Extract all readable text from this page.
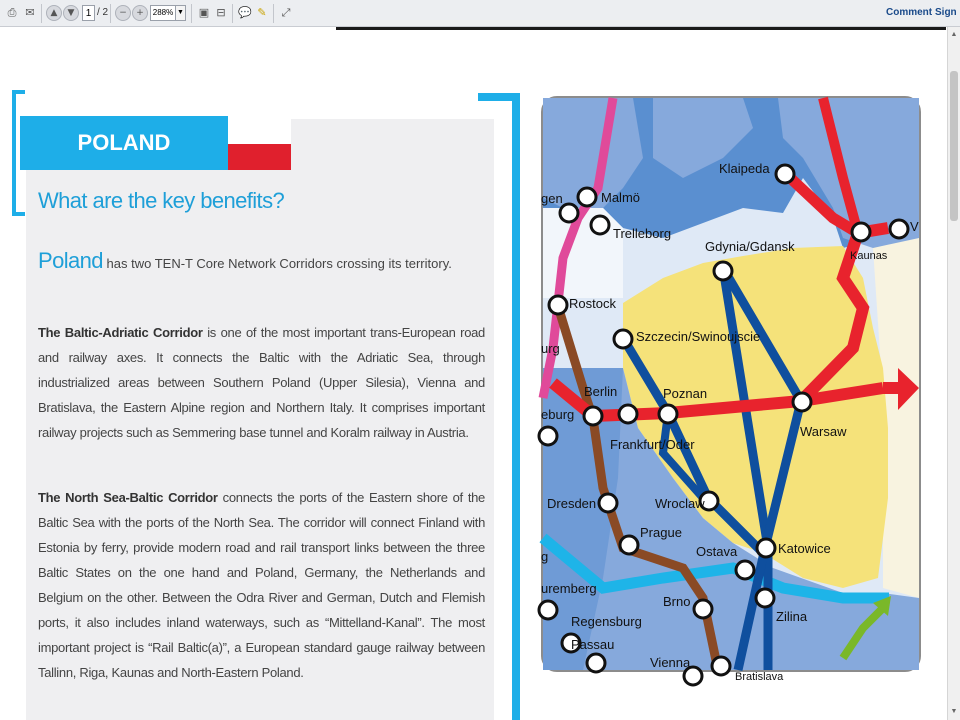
⎙ ✉	▲	▼	1 / 2	−	+	288% ▼	▣ ⊟	💬 ✎	⤢	Comment Sign
▲
▼
POLAND
What are the key benefits?
Poland has two TEN-T Core Network Corridors crossing its territory.
The Baltic-Adriatic Corridor is one of the most important trans-European road and railway axes. It connects the Baltic with the Adriatic Sea, through industrialized areas between Southern Poland (Upper Silesia), Vienna and Bratislava, the Eastern Alpine region and Northern Italy. It comprises important railway projects such as Semmering base tunnel and Koralm railway in Austria.
The North Sea-Baltic Corridor connects the ports of the Eastern shore of the Baltic Sea with the ports of the North Sea. The corridor will connect Finland with Estonia by ferry, provide modern road and rail transport links between the three Baltic States on the one hand and Poland, Germany, the Netherlands and Belgium on the other. Between the Odra River and German, Dutch and Flemish ports, it also includes inland waterways, such as “Mittelland-Kanal”. The most important project is “Rail Baltic(a)”, a European standard gauge railway between Tallinn, Riga, Kaunas and North-Eastern Poland.
Klaipeda
Malmö
gen
Trelleborg
Kaunas
V
Gdynia/Gdansk
Rostock
Szczecin/Swinoujscie
urg
Berlin	Poznan
eburg
Frankfurt/Oder
Warsaw
Dresden	Wroclaw
Prague
Katowice
Ostava
g
uremberg
Brno
Zilina
Regensburg
Passau
Vienna
Bratislava
